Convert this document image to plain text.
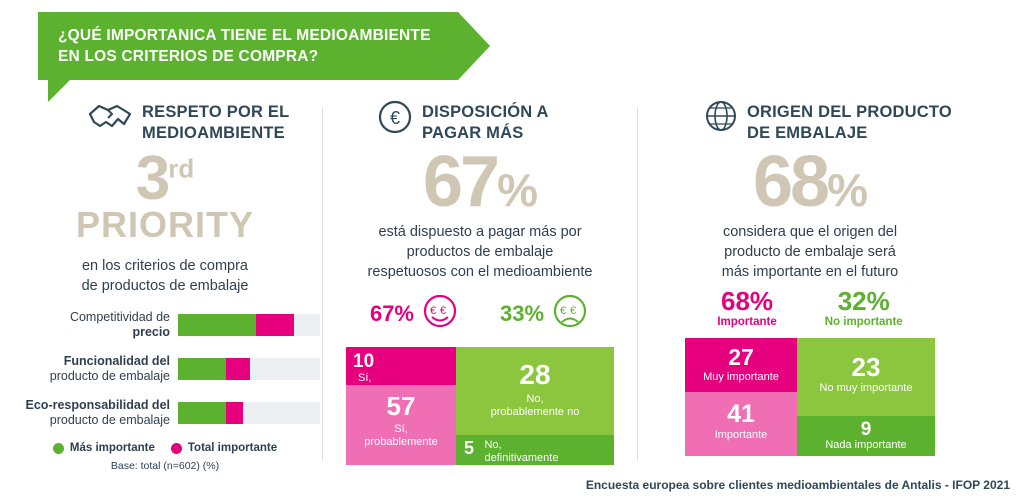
¿QUÉ IMPORTANICA TIENE EL MEDIOAMBIENTE
EN LOS CRITERIOS DE COMPRA?
RESPETO POR EL
MEDIOAMBIENTE
3rd
PRIORITY
en los criterios de compra
de productos de embalaje
Competitividad de
precio
Funcionalidad del
producto de embalaje
Eco-responsabilidad del
producto de embalaje
Más importante	Total importante
Base: total (n=602) (%)
€ DISPOSICIÓN A
PAGAR MÁS
67%
está dispuesto a pagar más por
productos de embalaje
respetuosos con el medioambiente
67% € € 33% € €
10 Sí,

57
Sí,
probablemente
28
No,
probablemente no
5 No,
definitivamente
ORIGEN DEL PRODUCTO
DE EMBALAJE
68%
considera que el origen del
producto de embalaje será
más importante en el futuro
68%
Importante
32%
No importante
27
Muy importante
41
Importante
23
No muy importante
9
Nada importante
Encuesta europea sobre clientes medioambientales de Antalis - IFOP 2021
